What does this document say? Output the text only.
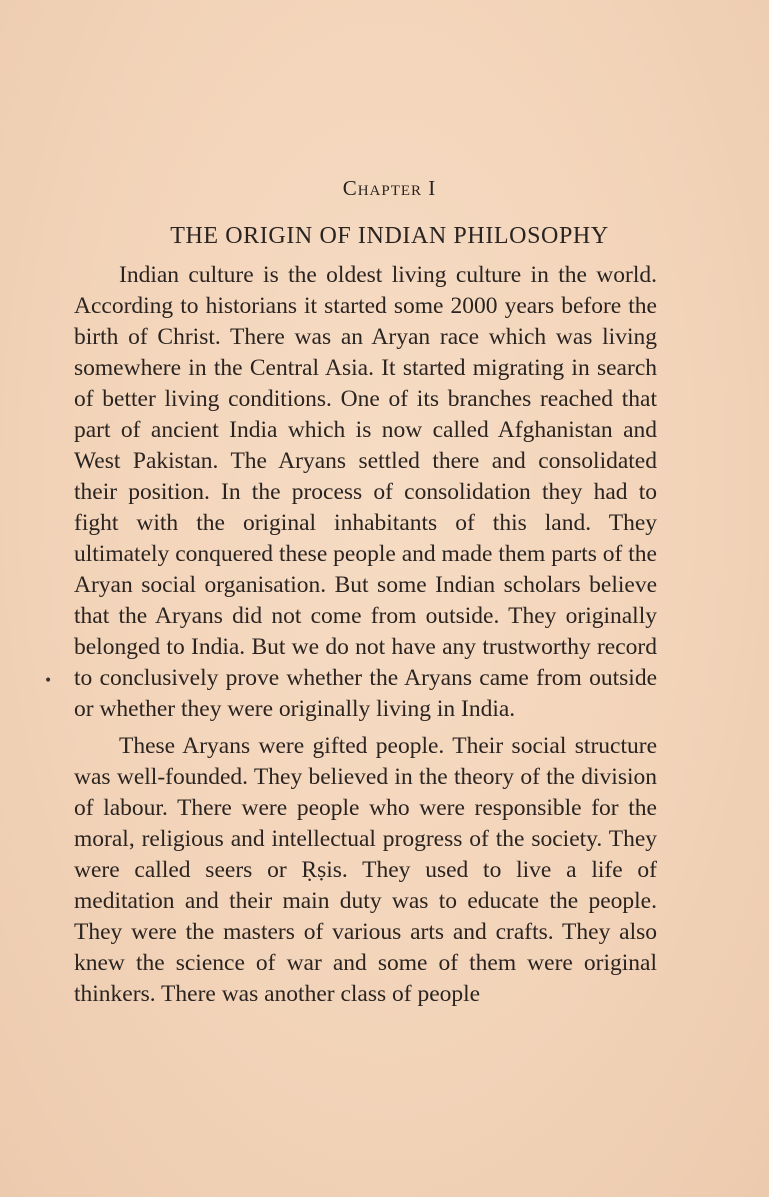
Chapter I
THE ORIGIN OF INDIAN PHILOSOPHY

Indian culture is the oldest living culture in the world. According to historians it started some 2000 years before the birth of Christ. There was an Aryan race which was living somewhere in the Central Asia. It started migrating in search of better living conditions. One of its branches reached that part of ancient India which is now called Afghanistan and West Pakistan. The Aryans settled there and consolidated their position. In the process of consolidation they had to fight with the original inhabitants of this land. They ultimately conquered these people and made them parts of the Aryan social organisation. But some Indian scholars believe that the Aryans did not come from outside. They originally belonged to India. But we do not have any trustworthy record to conclusively prove whether the Aryans came from outside or whether they were originally living in India.

These Aryans were gifted people. Their social structure was well-founded. They believed in the theory of the division of labour. There were people who were responsible for the moral, religious and intellectual progress of the society. They were called seers or Ṛṣis. They used to live a life of meditation and their main duty was to educate the people. They were the masters of various arts and crafts. They also knew the science of war and some of them were original thinkers. There was another class of people

•
